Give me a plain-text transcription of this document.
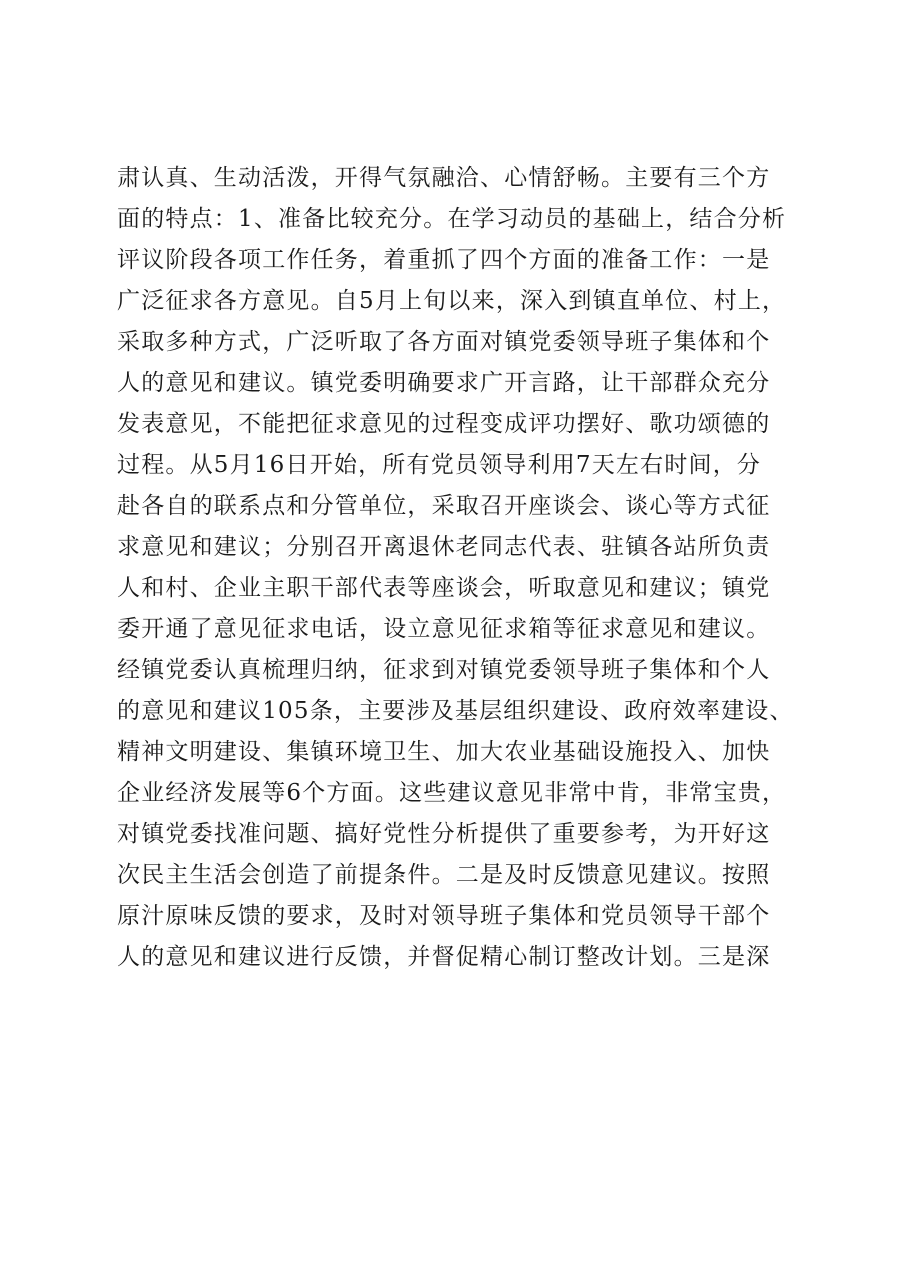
肃认真、生动活泼，开得气氛融洽、心情舒畅。主要有三个方
面的特点：1、准备比较充分。在学习动员的基础上，结合分析
评议阶段各项工作任务，着重抓了四个方面的准备工作：一是
广泛征求各方意见。自5月上旬以来，深入到镇直单位、村上，
采取多种方式，广泛听取了各方面对镇党委领导班子集体和个
人的意见和建议。镇党委明确要求广开言路，让干部群众充分
发表意见，不能把征求意见的过程变成评功摆好、歌功颂德的
过程。从5月16日开始，所有党员领导利用7天左右时间，分
赴各自的联系点和分管单位，采取召开座谈会、谈心等方式征
求意见和建议；分别召开离退休老同志代表、驻镇各站所负责
人和村、企业主职干部代表等座谈会，听取意见和建议；镇党
委开通了意见征求电话，设立意见征求箱等征求意见和建议。
经镇党委认真梳理归纳，征求到对镇党委领导班子集体和个人
的意见和建议105条，主要涉及基层组织建设、政府效率建设、
精神文明建设、集镇环境卫生、加大农业基础设施投入、加快
企业经济发展等6个方面。这些建议意见非常中肯，非常宝贵，
对镇党委找准问题、搞好党性分析提供了重要参考，为开好这
次民主生活会创造了前提条件。二是及时反馈意见建议。按照
原汁原味反馈的要求，及时对领导班子集体和党员领导干部个
人的意见和建议进行反馈，并督促精心制订整改计划。三是深
